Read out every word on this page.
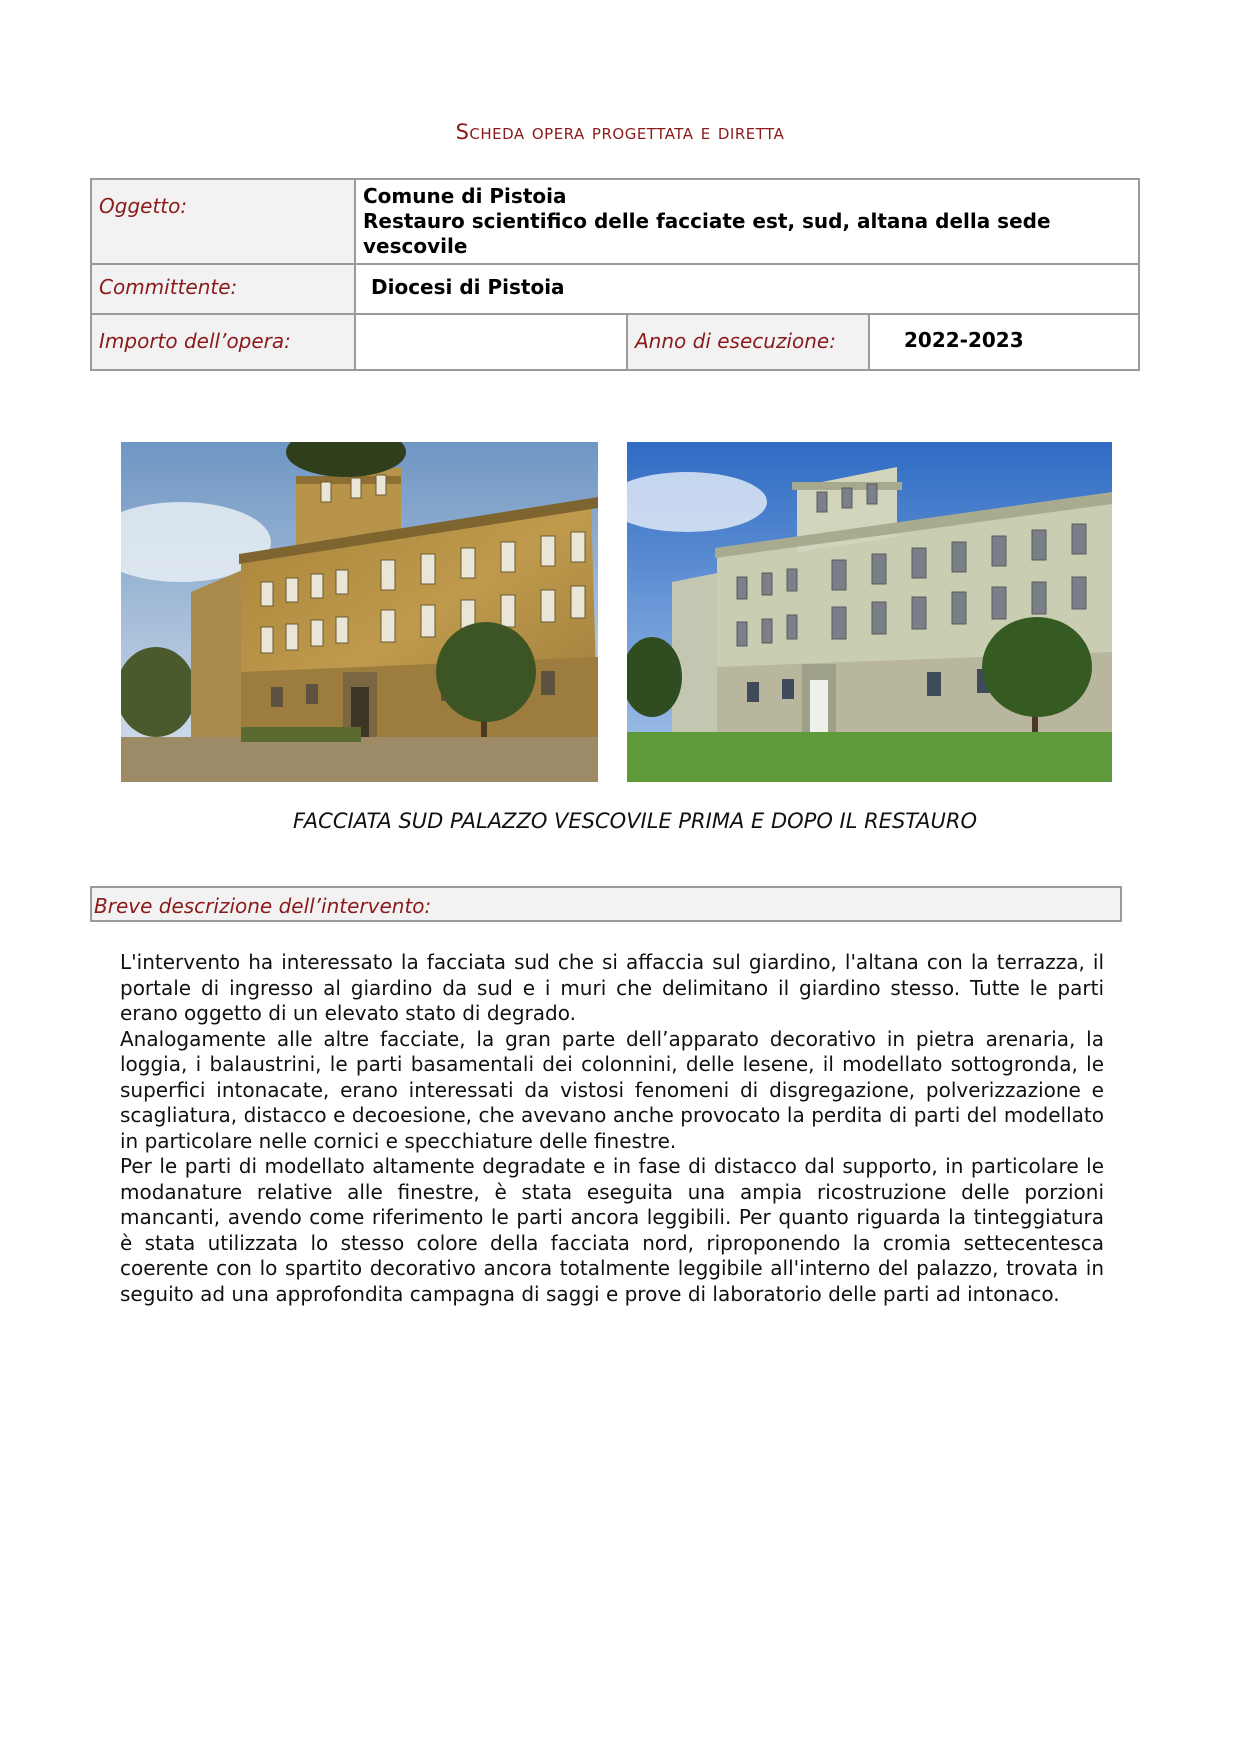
Scheda opera progettata e diretta
Oggetto:	Comune di Pistoia
Restauro scientifico delle facciate est, sud, altana della sede vescovile		

Committente:	Diocesi di Pistoia		
Importo dell’opera:		Anno di esecuzione:	2022-2023
FACCIATA SUD PALAZZO VESCOVILE PRIMA E DOPO IL RESTAURO
Breve descrizione dell’intervento:

L'intervento ha interessato la facciata sud che si affaccia sul giardino, l'altana con la terrazza, il portale di ingresso al giardino da sud e i muri che delimitano il giardino stesso. Tutte le parti erano oggetto di un elevato stato di degrado.

Analogamente alle altre facciate, la gran parte dell’apparato decorativo in pietra arenaria, la loggia, i balaustrini, le parti basamentali dei colonnini, delle lesene, il modellato sottogronda, le superfici intonacate, erano interessati da vistosi fenomeni di disgregazione, polverizzazione e scagliatura, distacco e decoesione, che avevano anche provocato la perdita di parti del modellato in particolare nelle cornici e specchiature delle finestre.

Per le parti di modellato altamente degradate e in fase di distacco dal supporto, in particolare le modanature relative alle finestre, è stata eseguita una ampia ricostruzione delle porzioni mancanti, avendo come riferimento le parti ancora leggibili. Per quanto riguarda la tinteggiatura è stata utilizzata lo stesso colore della facciata nord, riproponendo la cromia settecentesca coerente con lo spartito decorativo ancora totalmente leggibile all'interno del palazzo, trovata in seguito ad una approfondita campagna di saggi e prove di laboratorio delle parti ad intonaco.
